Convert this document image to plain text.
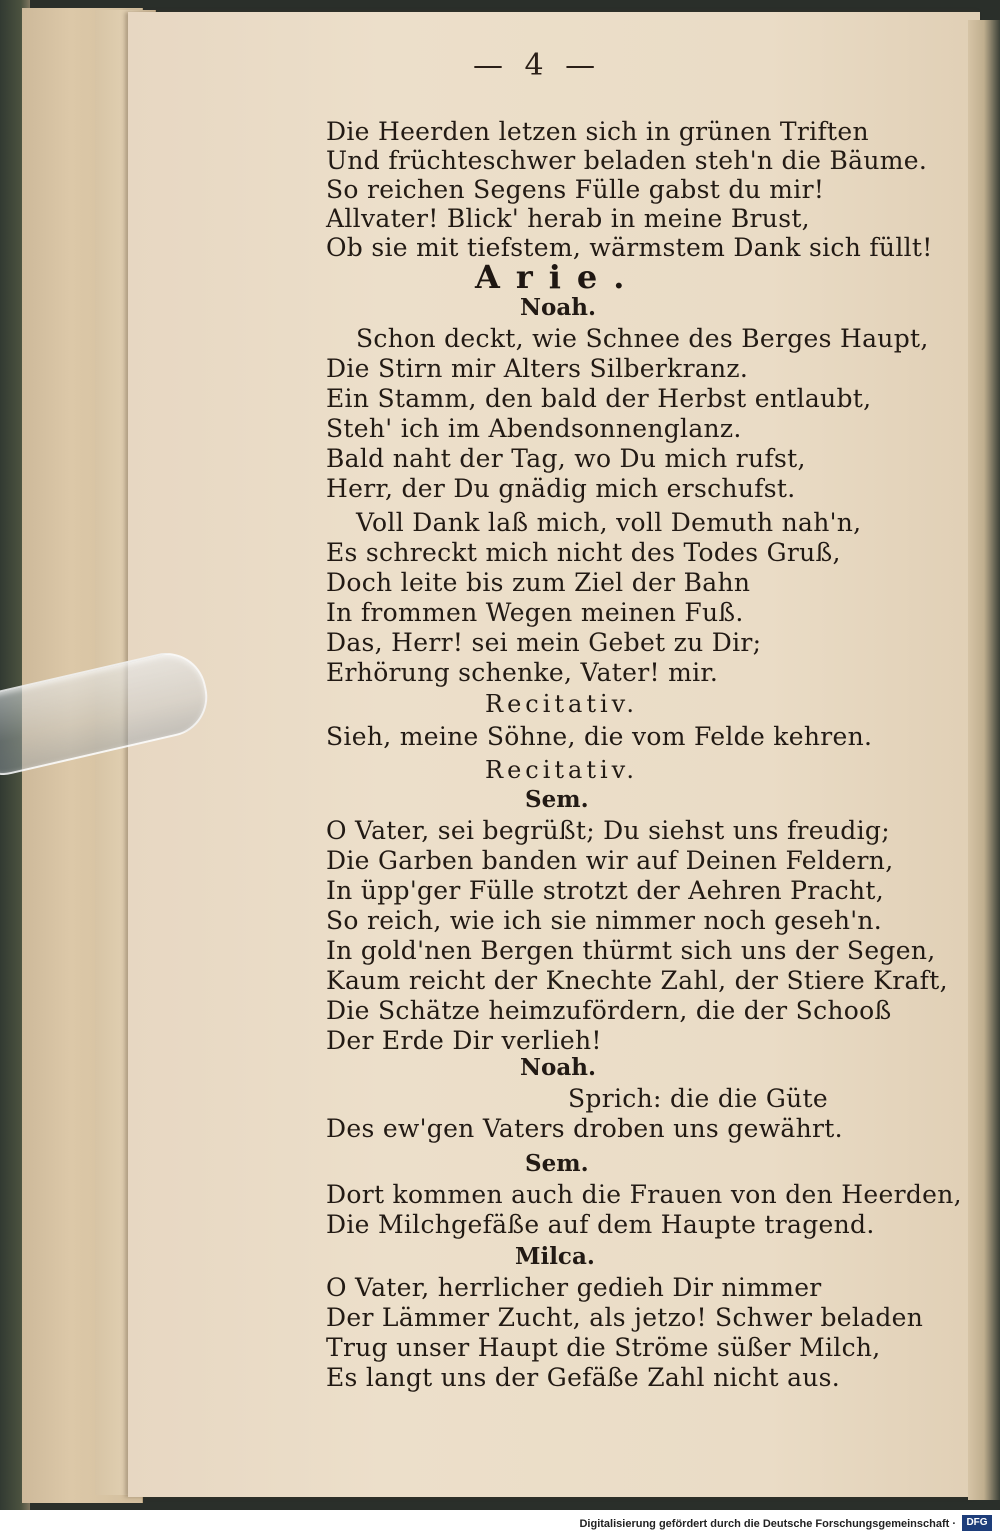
— 4 —
Die Heerden letzen sich in grünen Triften
Und früchteschwer beladen steh'n die Bäume.
So reichen Segens Fülle gabst du mir!
Allvater! Blick' herab in meine Brust,
Ob sie mit tiefstem, wärmstem Dank sich füllt!
Arie.
Noah.
Schon deckt, wie Schnee des Berges Haupt,
Die Stirn mir Alters Silberkranz.
Ein Stamm, den bald der Herbst entlaubt,
Steh' ich im Abendsonnenglanz.
Bald naht der Tag, wo Du mich rufst,
Herr, der Du gnädig mich erschufst.
Voll Dank laß mich, voll Demuth nah'n,
Es schreckt mich nicht des Todes Gruß,
Doch leite bis zum Ziel der Bahn
In frommen Wegen meinen Fuß.
Das, Herr! sei mein Gebet zu Dir;
Erhörung schenke, Vater! mir.
Recitativ.
Sieh, meine Söhne, die vom Felde kehren.
Recitativ.
Sem.
O Vater, sei begrüßt; Du siehst uns freudig;
Die Garben banden wir auf Deinen Feldern,
In üpp'ger Fülle strotzt der Aehren Pracht,
So reich, wie ich sie nimmer noch geseh'n.
In gold'nen Bergen thürmt sich uns der Segen,
Kaum reicht der Knechte Zahl, der Stiere Kraft,
Die Schätze heimzufördern, die der Schooß
Der Erde Dir verlieh!
Noah.
Sprich: die die Güte
Des ew'gen Vaters droben uns gewährt.
Sem.
Dort kommen auch die Frauen von den Heerden,
Die Milchgefäße auf dem Haupte tragend.
Milca.
O Vater, herrlicher gedieh Dir nimmer
Der Lämmer Zucht, als jetzo! Schwer beladen
Trug unser Haupt die Ströme süßer Milch,
Es langt uns der Gefäße Zahl nicht aus.
Digitalisierung gefördert durch die Deutsche Forschungsgemeinschaft ·	DFG
